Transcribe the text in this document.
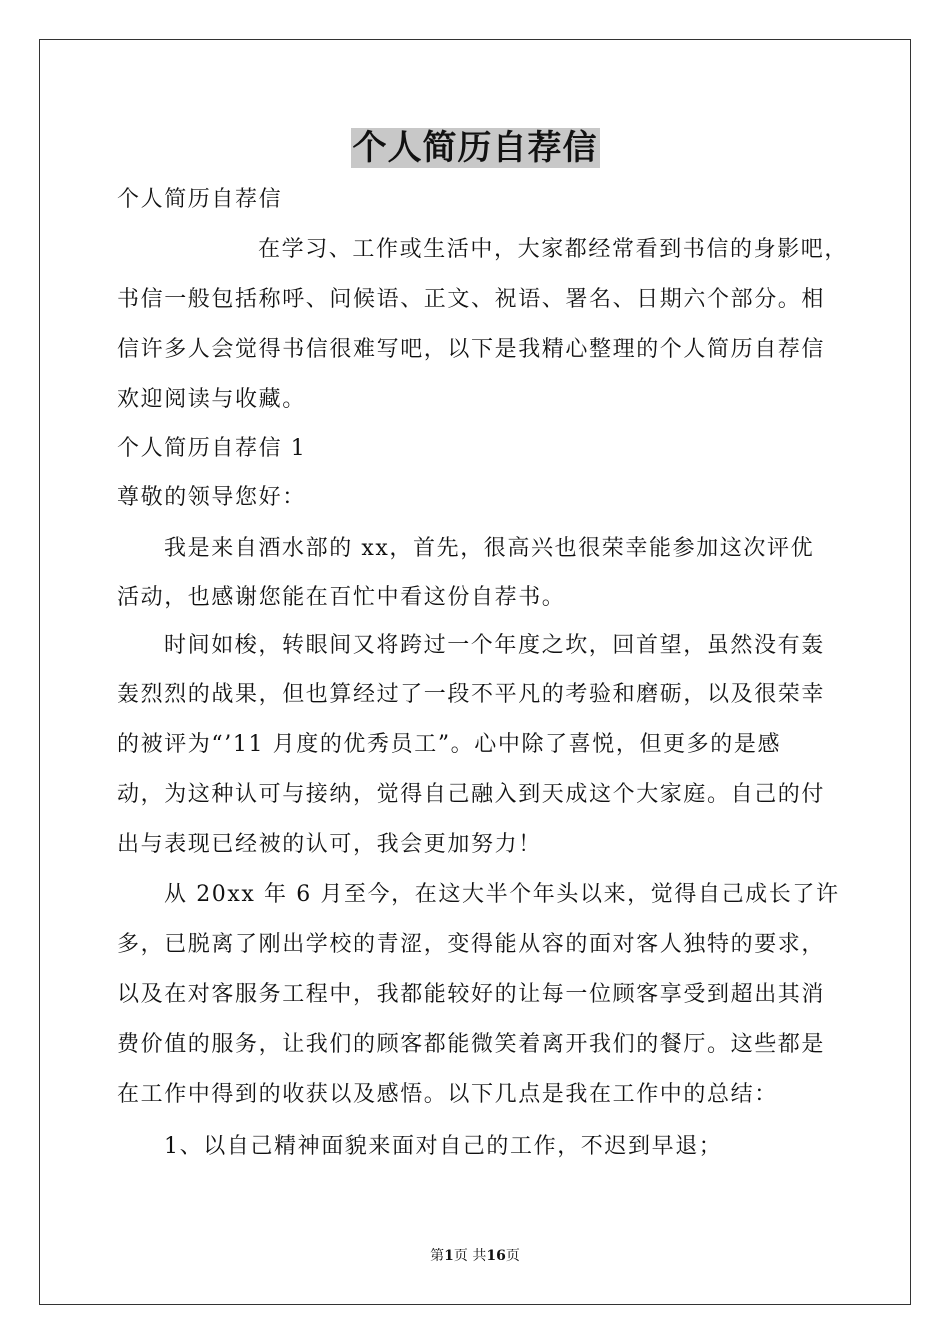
个人简历自荐信

个人简历自荐信

在学习、工作或生活中，大家都经常看到书信的身影吧，

书信一般包括称呼、问候语、正文、祝语、署名、日期六个部分。相

信许多人会觉得书信很难写吧，以下是我精心整理的个人简历自荐信

欢迎阅读与收藏。

个人简历自荐信 1

尊敬的领导您好：

我是来自酒水部的 xx，首先，很高兴也很荣幸能参加这次评优

活动，也感谢您能在百忙中看这份自荐书。

时间如梭，转眼间又将跨过一个年度之坎，回首望，虽然没有轰

轰烈烈的战果，但也算经过了一段不平凡的考验和磨砺，以及很荣幸

的被评为“’11 月度的优秀员工”。心中除了喜悦，但更多的是感

动，为这种认可与接纳，觉得自己融入到天成这个大家庭。自己的付

出与表现已经被的认可，我会更加努力！

从 20xx 年 6 月至今，在这大半个年头以来，觉得自己成长了许

多，已脱离了刚出学校的青涩，变得能从容的面对客人独特的要求，

以及在对客服务工程中，我都能较好的让每一位顾客享受到超出其消

费价值的服务，让我们的顾客都能微笑着离开我们的餐厅。这些都是

在工作中得到的收获以及感悟。以下几点是我在工作中的总结：

1、以自己精神面貌来面对自己的工作，不迟到早退；

第1页 共16页
